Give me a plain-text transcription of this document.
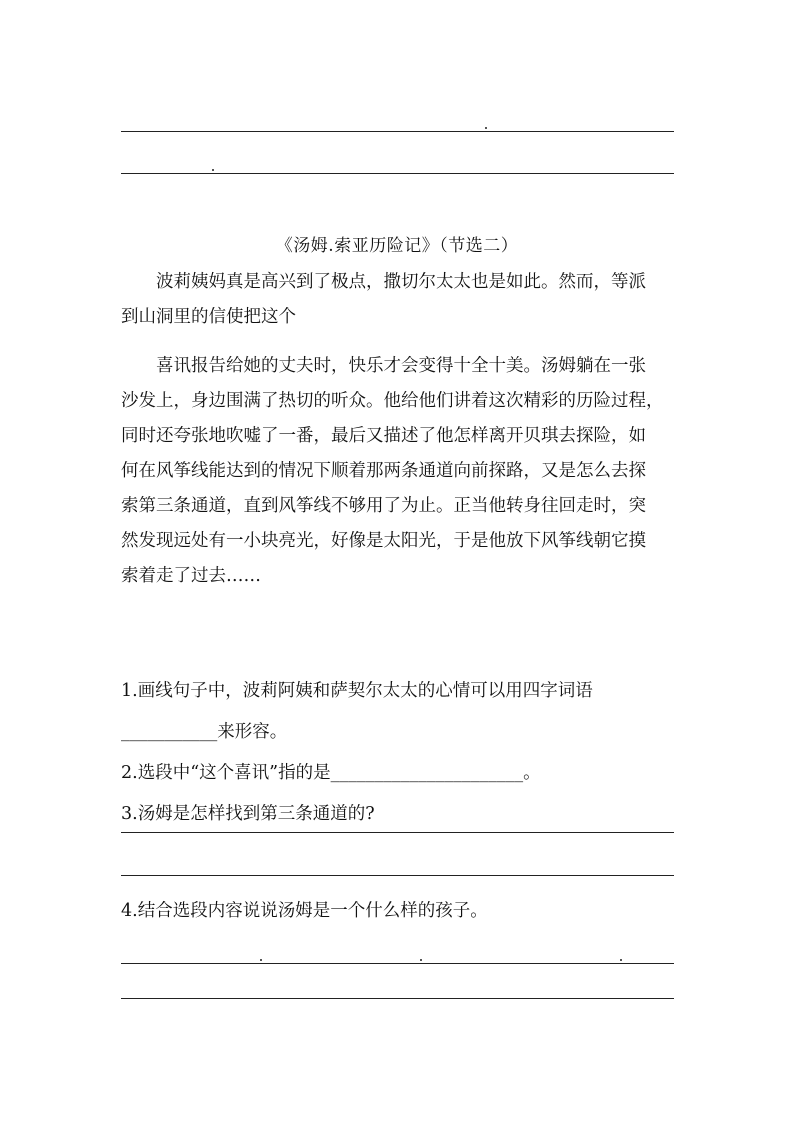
《汤姆.索亚历险记》（节选二）
波莉姨妈真是高兴到了极点，撒切尔太太也是如此。然而，等派
到山洞里的信使把这个
喜讯报告给她的丈夫时，快乐才会变得十全十美。汤姆躺在一张
沙发上，身边围满了热切的听众。他给他们讲着这次精彩的历险过程，
同时还夸张地吹嘘了一番，最后又描述了他怎样离开贝琪去探险，如
何在风筝线能达到的情况下顺着那两条通道向前探路，又是怎么去探
索第三条通道，直到风筝线不够用了为止。正当他转身往回走时，突
然发现远处有一小块亮光，好像是太阳光，于是他放下风筝线朝它摸
索着走了过去……
1.画线句子中，波莉阿姨和萨契尔太太的心情可以用四字词语
___________来形容。
2.选段中“这个喜讯”指的是______________________。
3.汤姆是怎样找到第三条通道的?
4.结合选段内容说说汤姆是一个什么样的孩子。
